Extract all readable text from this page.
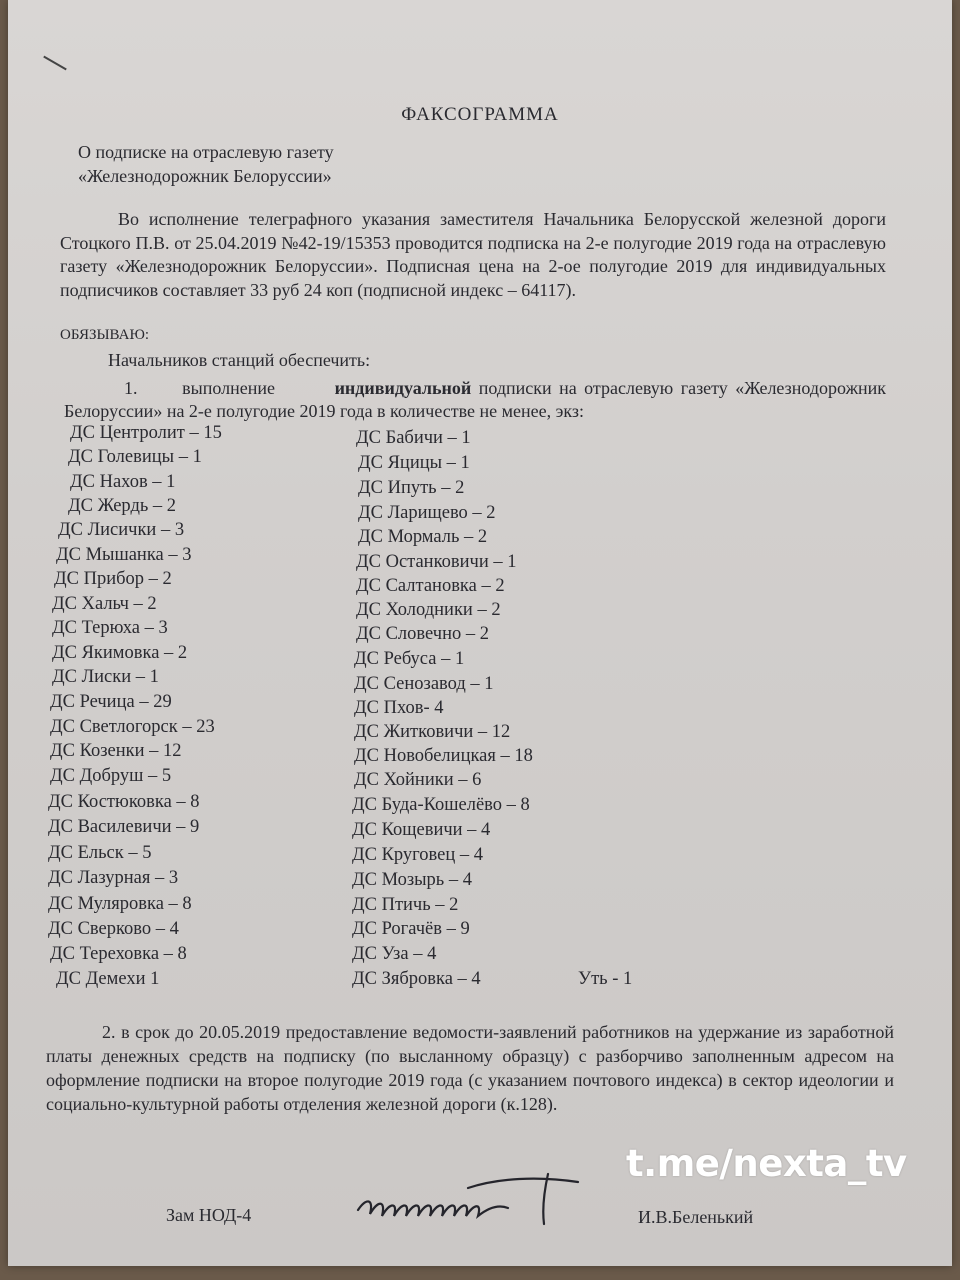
ФАКСОГРАММА
О подписке на отраслевую газету
«Железнодорожник Белоруссии»
Во исполнение телеграфного указания заместителя Начальника Белорусской железной дороги Стоцкого П.В. от 25.04.2019 №42-19/15353 проводится подписка на 2-е полугодие 2019 года на отраслевую газету «Железнодорожник Белоруссии». Подписная цена на 2-ое полугодие 2019 для индивидуальных подписчиков составляет 33 руб 24 коп (подписной индекс – 64117).
ОБЯЗЫВАЮ:
Начальников станций обеспечить:
1. выполнение	индивидуальной подписки на отраслевую газету «Железнодорожник Белоруссии» на 2-е полугодие 2019 года в количестве не менее, экз:
ДС Центролит – 15
ДС Голевицы – 1
ДС Нахов – 1
ДС Жердь – 2
ДС Лисички – 3
ДС Мышанка – 3
ДС Прибор – 2
ДС Хальч – 2
ДС Терюха – 3
ДС Якимовка – 2
ДС Лиски – 1
ДС Речица – 29
ДС Светлогорск – 23
ДС Козенки – 12
ДС Добруш – 5
ДС Костюковка – 8
ДС Василевичи – 9
ДС Ельск – 5
ДС Лазурная – 3
ДС Муляровка – 8
ДС Сверково – 4
ДС Тереховка – 8
ДС Демехи 1
ДС Бабичи – 1
ДС Яцицы – 1
ДС Ипуть – 2
ДС Ларищево – 2
ДС Мормаль – 2
ДС Останковичи – 1
ДС Салтановка – 2
ДС Холодники – 2
ДС Словечно – 2
ДС Ребуса – 1
ДС Сенозавод – 1
ДС Пхов- 4
ДС Житковичи – 12
ДС Новобелицкая – 18
ДС Хойники – 6
ДС Буда-Кошелёво – 8
ДС Кощевичи – 4
ДС Круговец – 4
ДС Мозырь – 4
ДС Птичь – 2
ДС Рогачёв – 9
ДС Уза – 4
ДС Зябровка – 4	Уть - 1
2. в срок до 20.05.2019 предоставление ведомости-заявлений работников на удержание из заработной платы денежных средств на подписку (по высланному образцу) с разборчиво заполненным адресом на оформление подписки на второе полугодие 2019 года (с указанием почтового индекса) в сектор идеологии и социально-культурной работы отделения железной дороги (к.128).
Зам НОД-4	И.В.Беленький
t.me/nexta_tv
